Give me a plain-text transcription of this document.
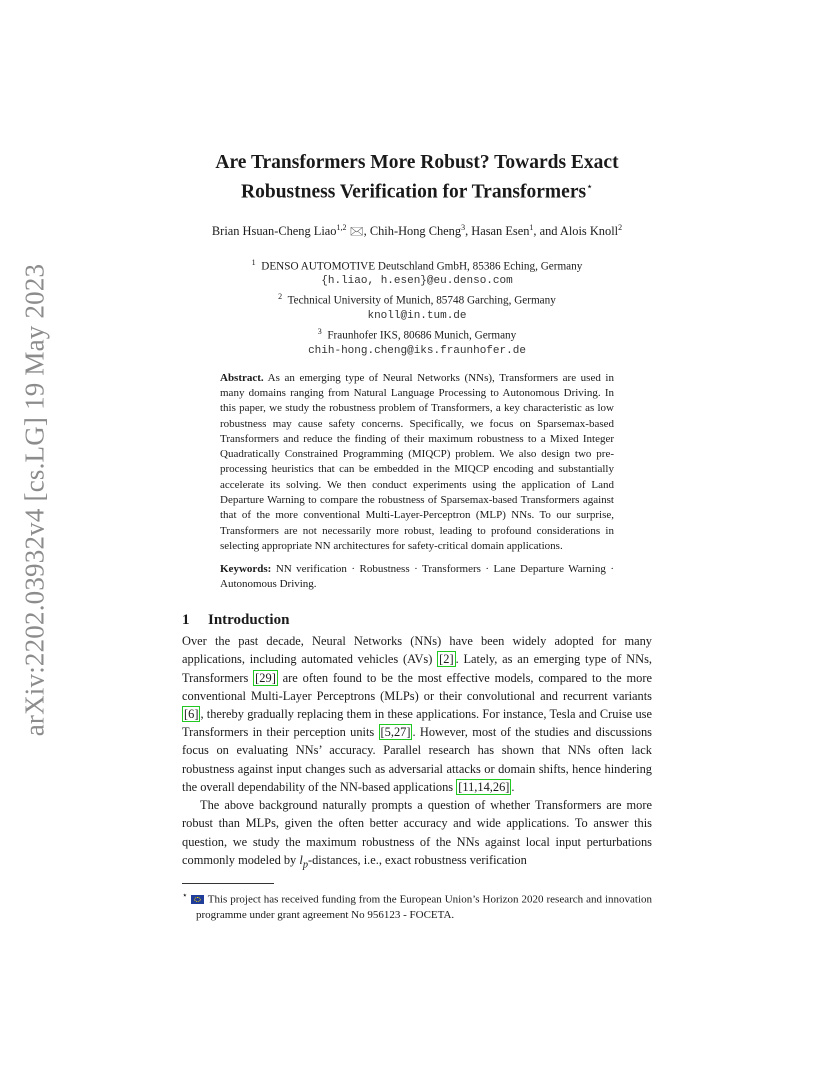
arXiv:2202.03932v4 [cs.LG] 19 May 2023
Are Transformers More Robust? Towards Exact
Robustness Verification for Transformers⋆
Brian Hsuan-Cheng Liao$^{1,2}$ 🖂, Chih-Hong Cheng$^3$, Hasan Esen$^1$, and Alois Knoll$^2$
$^1$ DENSO AUTOMOTIVE Deutschland GmbH, 85386 Eching, Germany
{h.liao, h.esen}@eu.denso.com
$^2$ Technical University of Munich, 85748 Garching, Germany
knoll@in.tum.de
$^3$ Fraunhofer IKS, 80686 Munich, Germany
chih-hong.cheng@iks.fraunhofer.de
Abstract. As an emerging type of Neural Networks (NNs), Transformers are used in many domains ranging from Natural Language Processing to Autonomous Driving. In this paper, we study the robustness problem of Transformers, a key characteristic as low robustness may cause safety concerns. Specifically, we focus on Sparsemax-based Transformers and reduce the finding of their maximum robustness to a Mixed Integer Quadratically Constrained Programming (MIQCP) problem. We also design two pre-processing heuristics that can be embedded in the MIQCP encoding and substantially accelerate its solving. We then conduct experiments using the application of Land Departure Warning to compare the robustness of Sparsemax-based Transformers against that of the more conventional Multi-Layer-Perceptron (MLP) NNs. To our surprise, Transformers are not necessarily more robust, leading to profound considerations in selecting appropriate NN architectures for safety-critical domain applications.
Keywords: NN verification · Robustness · Transformers · Lane Departure Warning · Autonomous Driving.
1 Introduction

Over the past decade, Neural Networks (NNs) have been widely adopted for many applications, including automated vehicles (AVs) [2] . Lately, as an emerging type of NNs, Transformers [29] are often found to be the most effective models, compared to the more conventional Multi-Layer Perceptrons (MLPs) or their convolutional and recurrent variants [6] , thereby gradually replacing them in these applications. For instance, Tesla and Cruise use Transformers in their perception units [5,27] . However, most of the studies and discussions focus on evaluating NNs’ accuracy. Parallel research has shown that NNs often lack robustness against input changes such as adversarial attacks or domain shifts, hence hindering the overall dependability of the NN-based applications [11,14,26] .

The above background naturally prompts a question of whether Transformers are more robust than MLPs, given the often better accuracy and wide applications. To answer this question, we study the maximum robustness of the NNs against local input perturbations commonly modeled by $l_p$-distances, i.e., exact robustness verification

⋆ This project has received funding from the European Union’s Horizon 2020 research and innovation programme under grant agreement No 956123 - FOCETA.
